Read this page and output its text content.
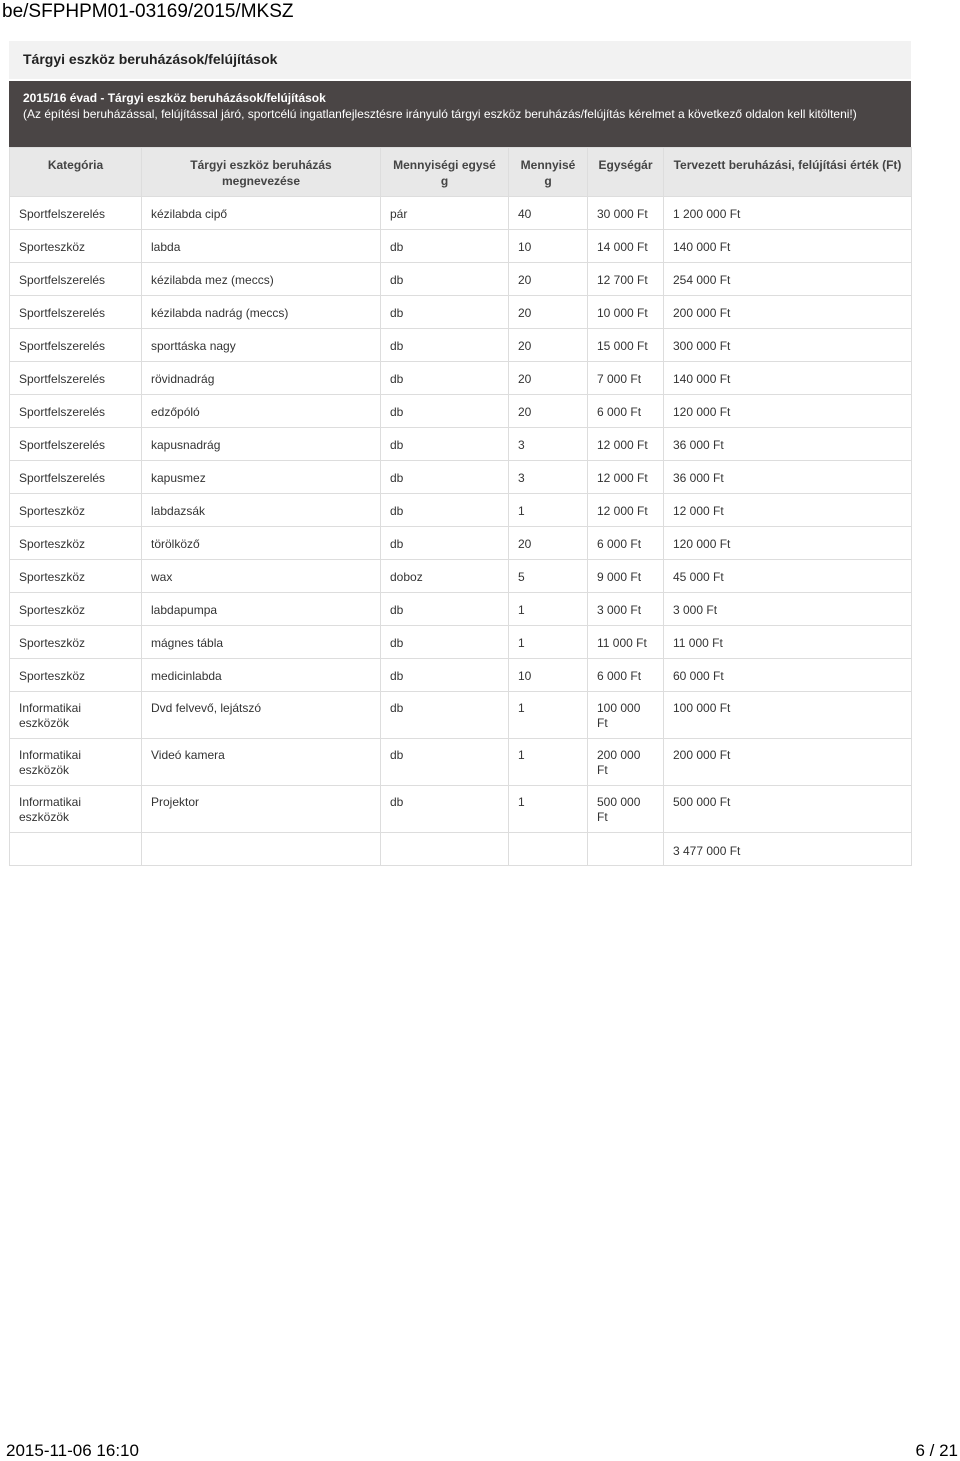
be/SFPHPM01-03169/2015/MKSZ
Tárgyi eszköz beruházások/felújítások
2015/16 évad - Tárgyi eszköz beruházások/felújítások
(Az építési beruházással, felújítással járó, sportcélú ingatlanfejlesztésre irányuló tárgyi eszköz beruházás/felújítás kérelmet a következő oldalon kell kitölteni!)
Kategória	Tárgyi eszköz beruházás megnevezése	Mennyiségi egysé g	Mennyisé g	Egységár	Tervezett beruházási, felújítási érték (Ft)
Sportfelszerelés	kézilabda cipő	pár	40	30 000 Ft	1 200 000 Ft
Sporteszköz	labda	db	10	14 000 Ft	140 000 Ft
Sportfelszerelés	kézilabda mez (meccs)	db	20	12 700 Ft	254 000 Ft
Sportfelszerelés	kézilabda nadrág (meccs)	db	20	10 000 Ft	200 000 Ft
Sportfelszerelés	sporttáska nagy	db	20	15 000 Ft	300 000 Ft
Sportfelszerelés	rövidnadrág	db	20	7 000 Ft	140 000 Ft
Sportfelszerelés	edzőpóló	db	20	6 000 Ft	120 000 Ft
Sportfelszerelés	kapusnadrág	db	3	12 000 Ft	36 000 Ft
Sportfelszerelés	kapusmez	db	3	12 000 Ft	36 000 Ft
Sporteszköz	labdazsák	db	1	12 000 Ft	12 000 Ft
Sporteszköz	törölköző	db	20	6 000 Ft	120 000 Ft
Sporteszköz	wax	doboz	5	9 000 Ft	45 000 Ft
Sporteszköz	labdapumpa	db	1	3 000 Ft	3 000 Ft
Sporteszköz	mágnes tábla	db	1	11 000 Ft	11 000 Ft
Sporteszköz	medicinlabda	db	10	6 000 Ft	60 000 Ft
Informatikai eszközök	Dvd felvevő, lejátszó	db	1	100 000 Ft	100 000 Ft
Informatikai eszközök	Videó kamera	db	1	200 000 Ft	200 000 Ft
Informatikai eszközök	Projektor	db	1	500 000 Ft	500 000 Ft
					3 477 000 Ft
2015-11-06 16:10	6 / 21
